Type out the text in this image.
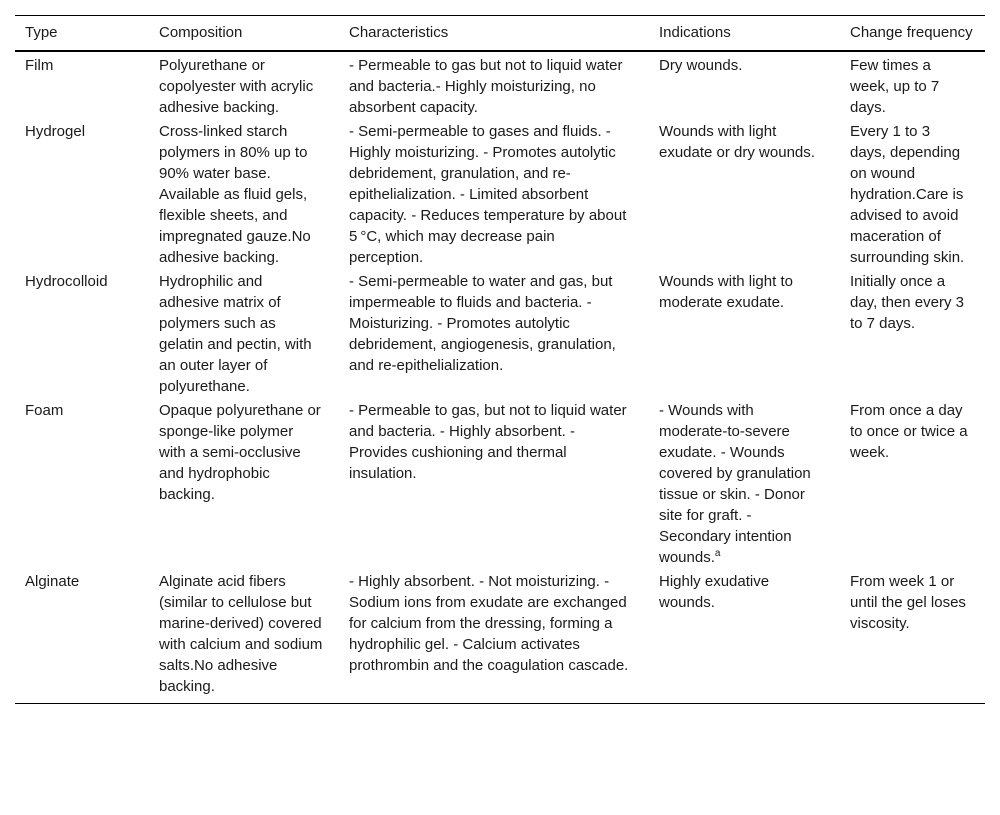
Type	Composition	Characteristics	Indications	Change frequency
Film	Polyurethane or copolyester with acrylic adhesive backing.	- Permeable to gas but not to liquid water and bacteria.- Highly moisturizing, no absorbent capacity.	Dry wounds.	Few times a week, up to 7 days.
Hydrogel	Cross-linked starch polymers in 80% up to 90% water base. Available as fluid gels, flexible sheets, and impregnated gauze.No adhesive backing.	- Semi-permeable to gases and fluids. - Highly moisturizing. - Promotes autolytic debridement, granulation, and re-epithelialization. - Limited absorbent capacity. - Reduces temperature by about 5 °C, which may decrease pain perception.	Wounds with light exudate or dry wounds.	Every 1 to 3 days, depending on wound hydration.Care is advised to avoid maceration of surrounding skin.
Hydrocolloid	Hydrophilic and adhesive matrix of polymers such as gelatin and pectin, with an outer layer of polyurethane.	- Semi-permeable to water and gas, but impermeable to fluids and bacteria. - Moisturizing. - Promotes autolytic debridement, angiogenesis, granulation, and re-epithelialization.	Wounds with light to moderate exudate.	Initially once a day, then every 3 to 7 days.
Foam	Opaque polyurethane or sponge-like polymer with a semi-occlusive and hydrophobic backing.	- Permeable to gas, but not to liquid water and bacteria. - Highly absorbent. - Provides cushioning and thermal insulation.	- Wounds with moderate-to-severe exudate. - Wounds covered by granulation tissue or skin. - Donor site for graft. - Secondary intention wounds.$^a$	From once a day to once or twice a week.
Alginate	Alginate acid fibers (similar to cellulose but marine-derived) covered with calcium and sodium salts.No adhesive backing.	- Highly absorbent. - Not moisturizing. - Sodium ions from exudate are exchanged for calcium from the dressing, forming a hydrophilic gel. - Calcium activates prothrombin and the coagulation cascade.	Highly exudative wounds.	From week 1 or until the gel loses viscosity.
